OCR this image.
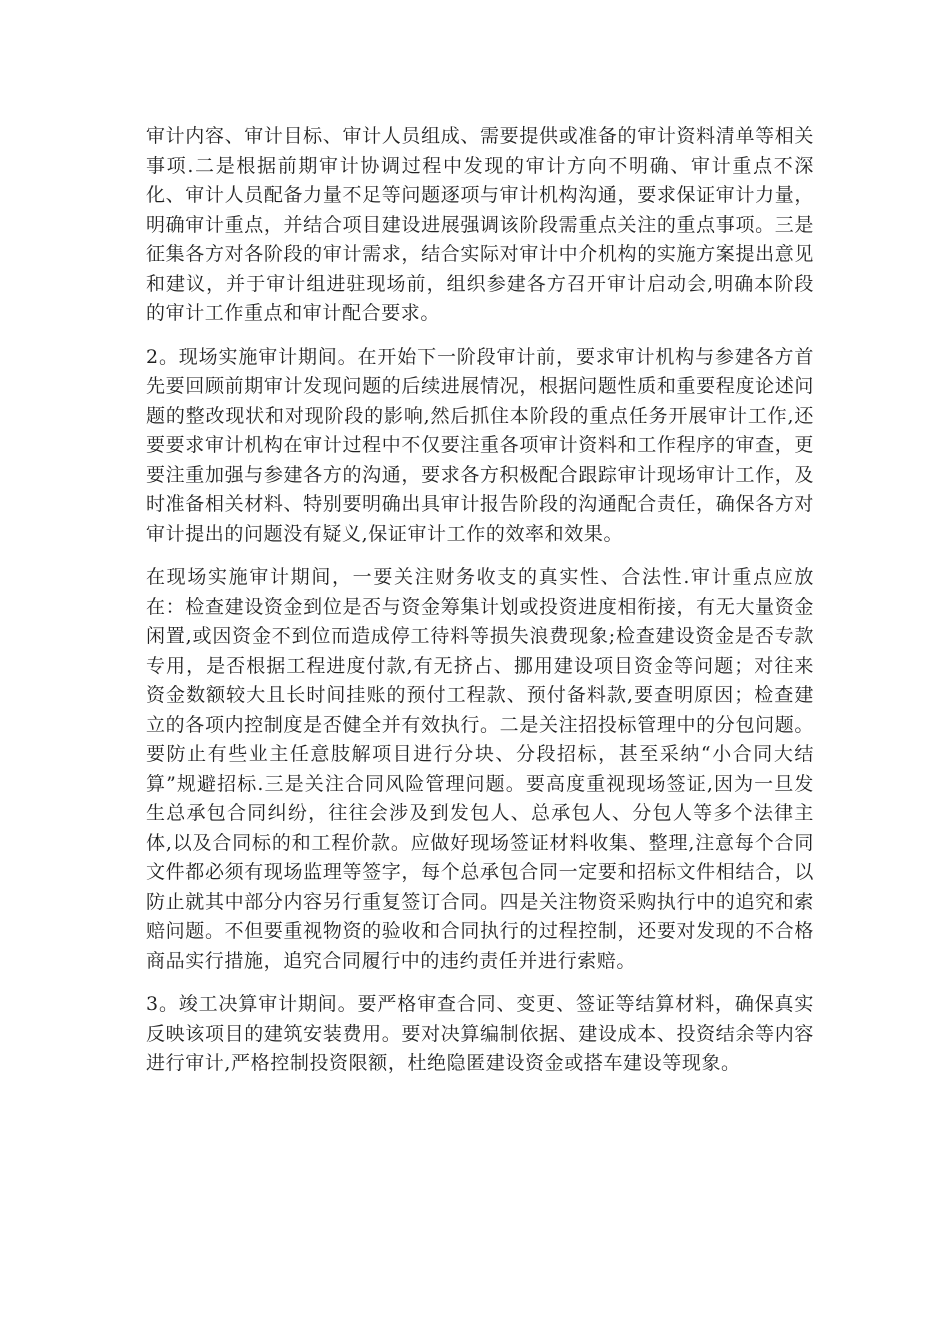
审计内容、审计目标、审计人员组成、需要提供或准备的审计资料清单等相关事项.二是根据前期审计协调过程中发现的审计方向不明确、审计重点不深化、审计人员配备力量不足等问题逐项与审计机构沟通，要求保证审计力量，明确审计重点，并结合项目建设进展强调该阶段需重点关注的重点事项。三是征集各方对各阶段的审计需求，结合实际对审计中介机构的实施方案提出意见和建议，并于审计组进驻现场前，组织参建各方召开审计启动会,明确本阶段的审计工作重点和审计配合要求。

2。现场实施审计期间。在开始下一阶段审计前，要求审计机构与参建各方首先要回顾前期审计发现问题的后续进展情况，根据问题性质和重要程度论述问题的整改现状和对现阶段的影响,然后抓住本阶段的重点任务开展审计工作,还要要求审计机构在审计过程中不仅要注重各项审计资料和工作程序的审查，更要注重加强与参建各方的沟通，要求各方积极配合跟踪审计现场审计工作，及时准备相关材料、特别要明确出具审计报告阶段的沟通配合责任，确保各方对审计提出的问题没有疑义,保证审计工作的效率和效果。

在现场实施审计期间，一要关注财务收支的真实性、合法性.审计重点应放在：检查建设资金到位是否与资金筹集计划或投资进度相衔接，有无大量资金闲置,或因资金不到位而造成停工待料等损失浪费现象;检查建设资金是否专款专用，是否根据工程进度付款,有无挤占、挪用建设项目资金等问题；对往来资金数额较大且长时间挂账的预付工程款、预付备料款,要查明原因；检查建立的各项内控制度是否健全并有效执行。二是关注招投标管理中的分包问题。要防止有些业主任意肢解项目进行分块、分段招标，甚至采纳“小合同大结算”规避招标.三是关注合同风险管理问题。要高度重视现场签证,因为一旦发生总承包合同纠纷，往往会涉及到发包人、总承包人、分包人等多个法律主体,以及合同标的和工程价款。应做好现场签证材料收集、整理,注意每个合同文件都必须有现场监理等签字，每个总承包合同一定要和招标文件相结合，以防止就其中部分内容另行重复签订合同。四是关注物资采购执行中的追究和索赔问题。不但要重视物资的验收和合同执行的过程控制，还要对发现的不合格商品实行措施，追究合同履行中的违约责任并进行索赔。

3。竣工决算审计期间。要严格审查合同、变更、签证等结算材料，确保真实反映该项目的建筑安装费用。要对决算编制依据、建设成本、投资结余等内容进行审计,严格控制投资限额，杜绝隐匿建设资金或搭车建设等现象。
